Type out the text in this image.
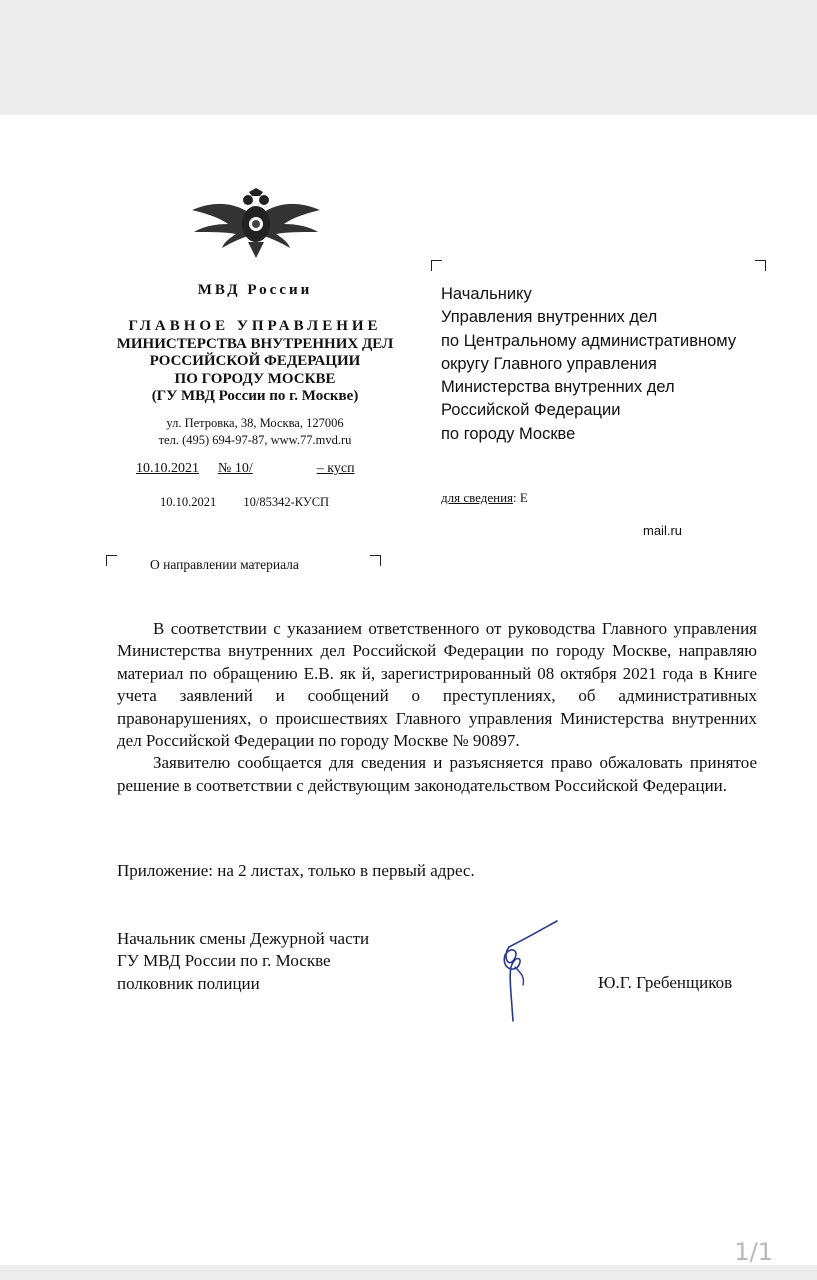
МВД России
ГЛАВНОЕ УПРАВЛЕНИЕ
МИНИСТЕРСТВА ВНУТРЕННИХ ДЕЛ
РОССИЙСКОЙ ФЕДЕРАЦИИ
ПО ГОРОДУ МОСКВЕ
(ГУ МВД России по г. Москве)
ул. Петровка, 38, Москва, 127006
тел. (495) 694-97-87, www.77.mvd.ru
10.10.2021 № 10/	– кусп
10.10.2021 10/85342-КУСП
О направлении материала
Начальнику
Управления внутренних дел
по Центральному административному
округу Главного управления
Министерства внутренних дел
Российской Федерации
по городу Москве
для сведения: Е
mail.ru

В соответствии с указанием ответственного от руководства Главного управления Министерства внутренних дел Российской Федерации по городу Москве, направляю материал по обращению Е.В. як й, зарегистрированный 08 октября 2021 года в Книге учета заявлений и сообщений о преступлениях, об административных правонарушениях, о происшествиях Главного управления Министерства внутренних дел Российской Федерации по городу Москве № 90897.

Заявителю сообщается для сведения и разъясняется право обжаловать принятое решение в соответствии с действующим законодательством Российской Федерации.

Приложение: на 2 листах, только в первый адрес.
Начальник смены Дежурной части
ГУ МВД России по г. Москве
полковник полиции	Ю.Г. Гребенщиков
1/1
